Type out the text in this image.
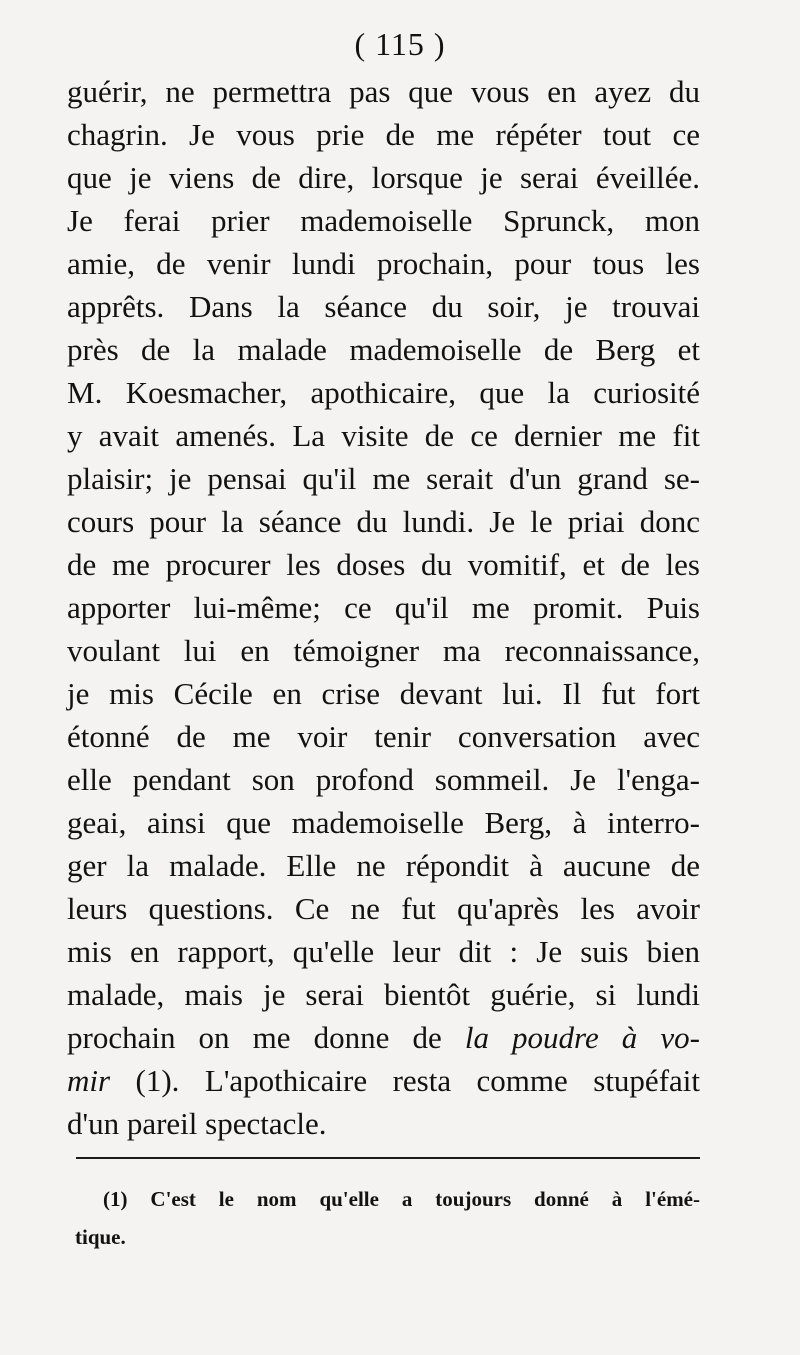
( 115 )
guérir, ne permettra pas que vous en ayez du
chagrin. Je vous prie de me répéter tout ce
que je viens de dire, lorsque je serai éveillée.
Je ferai prier mademoiselle Sprunck, mon
amie, de venir lundi prochain, pour tous les
apprêts. Dans la séance du soir, je trouvai
près de la malade mademoiselle de Berg et
M. Koesmacher, apothicaire, que la curiosité
y avait amenés. La visite de ce dernier me fit
plaisir; je pensai qu'il me serait d'un grand se-
cours pour la séance du lundi. Je le priai donc
de me procurer les doses du vomitif, et de les
apporter lui-même; ce qu'il me promit. Puis
voulant lui en témoigner ma reconnaissance,
je mis Cécile en crise devant lui. Il fut fort
étonné de me voir tenir conversation avec
elle pendant son profond sommeil. Je l'enga-
geai, ainsi que mademoiselle Berg, à interro-
ger la malade. Elle ne répondit à aucune de
leurs questions. Ce ne fut qu'après les avoir
mis en rapport, qu'elle leur dit : Je suis bien
malade, mais je serai bientôt guérie, si lundi
prochain on me donne de la poudre à vo-
mir (1). L'apothicaire resta comme stupéfait
d'un pareil spectacle.
(1) C'est le nom qu'elle a toujours donné à l'émé-
tique.
